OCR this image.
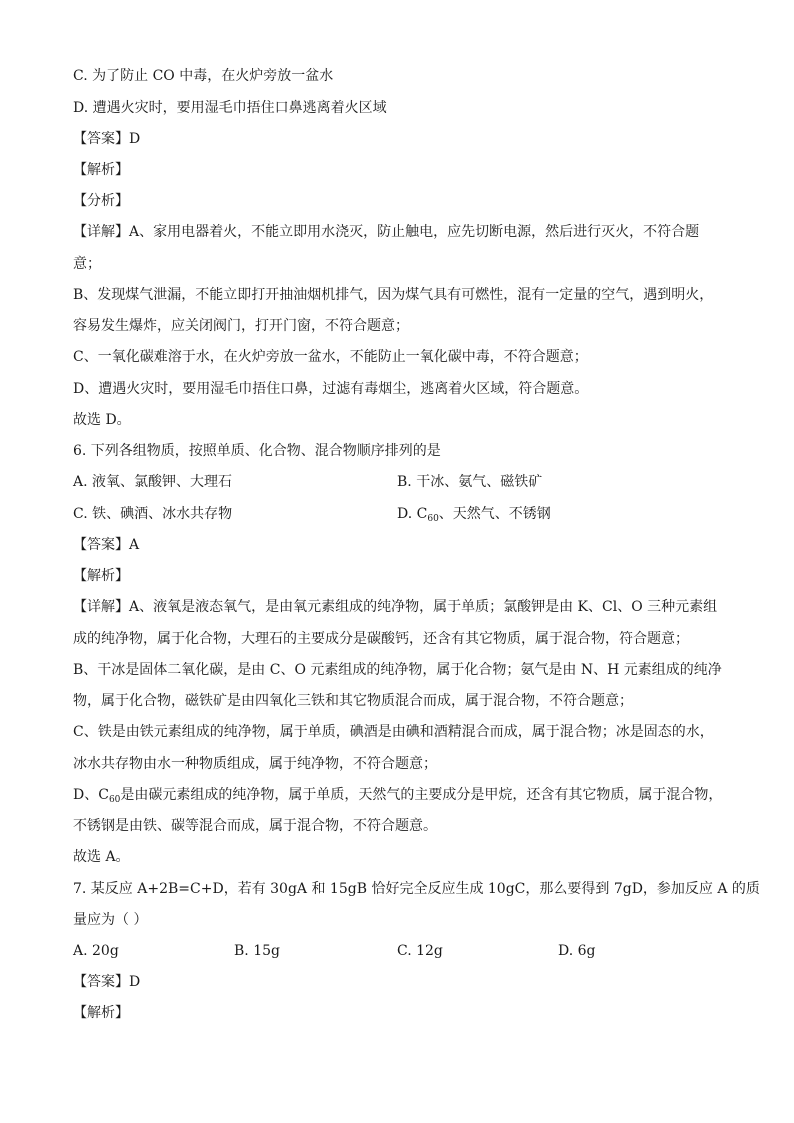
C. 为了防止 CO 中毒，在火炉旁放一盆水
D. 遭遇火灾时，要用湿毛巾捂住口鼻逃离着火区域
【答案】D
【解析】
【分析】
【详解】A、家用电器着火，不能立即用水浇灭，防止触电，应先切断电源，然后进行灭火，不符合题
意；
B、发现煤气泄漏，不能立即打开抽油烟机排气，因为煤气具有可燃性，混有一定量的空气，遇到明火，
容易发生爆炸，应关闭阀门，打开门窗，不符合题意；
C、一氧化碳难溶于水，在火炉旁放一盆水，不能防止一氧化碳中毒，不符合题意；
D、遭遇火灾时，要用湿毛巾捂住口鼻，过滤有毒烟尘，逃离着火区域，符合题意。
故选 D。
6. 下列各组物质，按照单质、化合物、混合物顺序排列的是
A. 液氧、氯酸钾、大理石	B. 干冰、氨气、磁铁矿
C. 铁、碘酒、冰水共存物	D. $C_{60}$、天然气、不锈钢
【答案】A
【解析】
【详解】A、液氧是液态氧气，是由氧元素组成的纯净物，属于单质；氯酸钾是由 K、Cl、O 三种元素组
成的纯净物，属于化合物，大理石的主要成分是碳酸钙，还含有其它物质，属于混合物，符合题意；
B、干冰是固体二氧化碳，是由 C、O 元素组成的纯净物，属于化合物；氨气是由 N、H 元素组成的纯净
物，属于化合物，磁铁矿是由四氧化三铁和其它物质混合而成，属于混合物，不符合题意；
C、铁是由铁元素组成的纯净物，属于单质，碘酒是由碘和酒精混合而成，属于混合物；冰是固态的水，
冰水共存物由水一种物质组成，属于纯净物，不符合题意；
D、$C_{60}$是由碳元素组成的纯净物，属于单质，天然气的主要成分是甲烷，还含有其它物质，属于混合物，
不锈钢是由铁、碳等混合而成，属于混合物，不符合题意。
故选 A。
7. 某反应 A+2B=C+D，若有 30gA 和 15gB 恰好完全反应生成 10gC，那么要得到 7gD，参加反应 A 的质
量应为（ ）
A. 20g	B. 15g	C. 12g	D. 6g
【答案】D
【解析】
